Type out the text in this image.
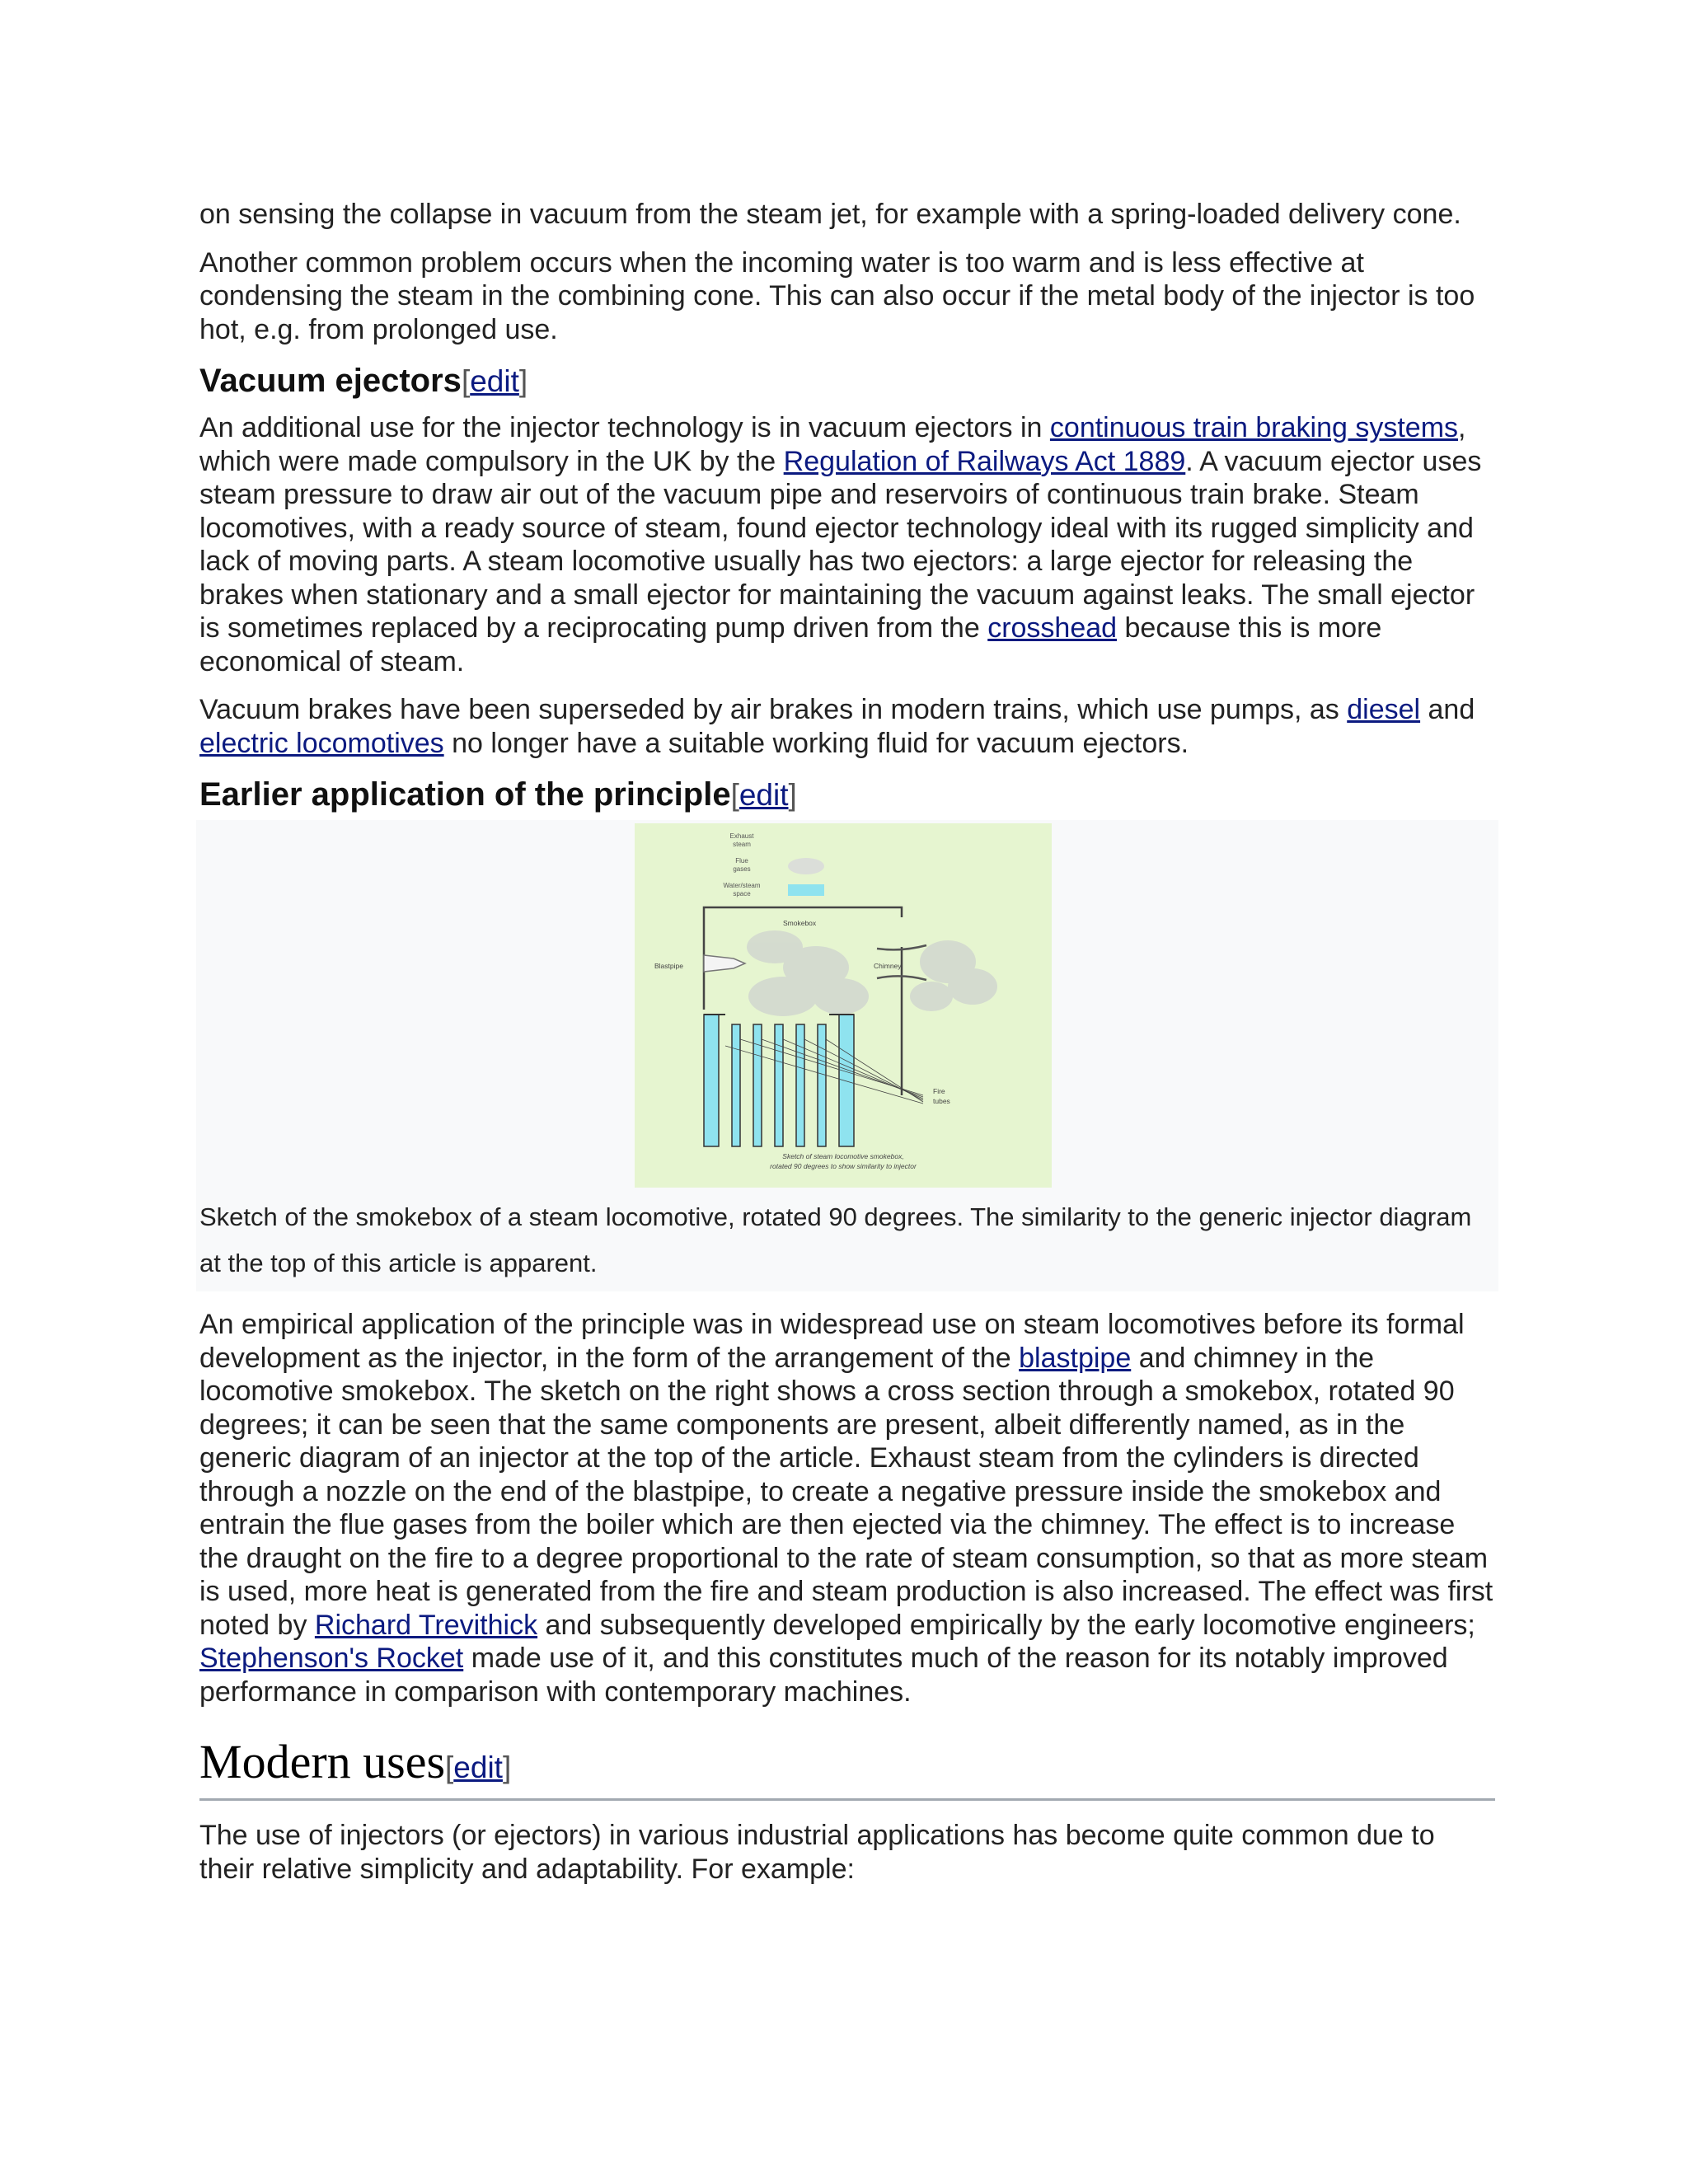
on sensing the collapse in vacuum from the steam jet, for example with a spring-loaded delivery cone.

Another common problem occurs when the incoming water is too warm and is less effective at condensing the steam in the combining cone. This can also occur if the metal body of the injector is too hot, e.g. from prolonged use.

Vacuum ejectors[edit]

An additional use for the injector technology is in vacuum ejectors in continuous train braking systems, which were made compulsory in the UK by the Regulation of Railways Act 1889. A vacuum ejector uses steam pressure to draw air out of the vacuum pipe and reservoirs of continuous train brake. Steam locomotives, with a ready source of steam, found ejector technology ideal with its rugged simplicity and lack of moving parts. A steam locomotive usually has two ejectors: a large ejector for releasing the brakes when stationary and a small ejector for maintaining the vacuum against leaks. The small ejector is sometimes replaced by a reciprocating pump driven from the crosshead because this is more economical of steam.

Vacuum brakes have been superseded by air brakes in modern trains, which use pumps, as diesel and electric locomotives no longer have a suitable working fluid for vacuum ejectors.

Earlier application of the principle[edit]
Exhaust
steam
Flue
gases
Water/steam
space
Smokebox
Blastpipe	Chimney
Fire
tubes
Sketch of steam locomotive smokebox,
rotated 90 degrees to show similarity to injector

Sketch of the smokebox of a steam locomotive, rotated 90 degrees. The similarity to the generic injector diagram at the top of this article is apparent.

An empirical application of the principle was in widespread use on steam locomotives before its formal development as the injector, in the form of the arrangement of the blastpipe and chimney in the locomotive smokebox. The sketch on the right shows a cross section through a smokebox, rotated 90 degrees; it can be seen that the same components are present, albeit differently named, as in the generic diagram of an injector at the top of the article. Exhaust steam from the cylinders is directed through a nozzle on the end of the blastpipe, to create a negative pressure inside the smokebox and entrain the flue gases from the boiler which are then ejected via the chimney. The effect is to increase the draught on the fire to a degree proportional to the rate of steam consumption, so that as more steam is used, more heat is generated from the fire and steam production is also increased. The effect was first noted by Richard Trevithick and subsequently developed empirically by the early locomotive engineers; Stephenson's Rocket made use of it, and this constitutes much of the reason for its notably improved performance in comparison with contemporary machines.

Modern uses[edit]

The use of injectors (or ejectors) in various industrial applications has become quite common due to their relative simplicity and adaptability. For example:
